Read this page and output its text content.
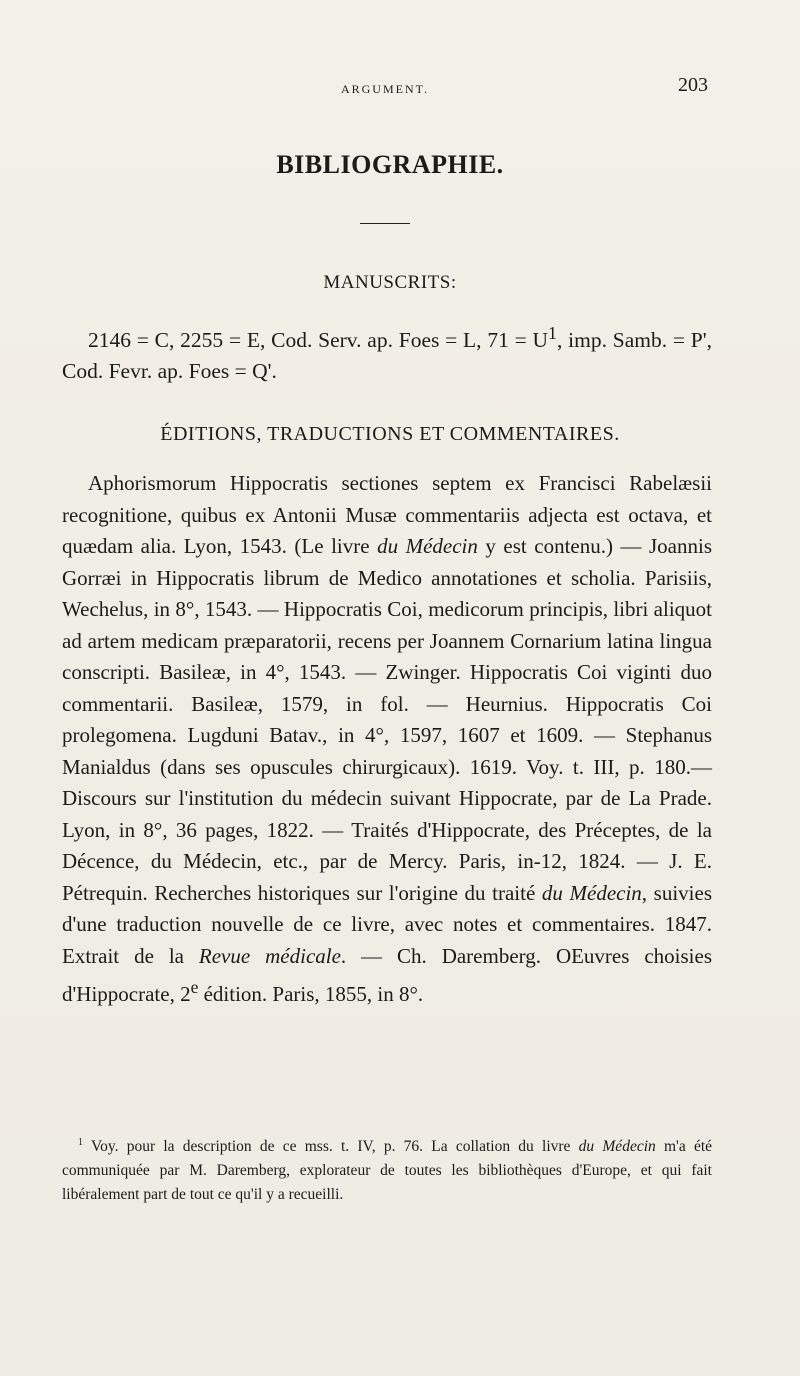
ARGUMENT.	203
BIBLIOGRAPHIE.
MANUSCRITS:
2146 = C, 2255 = E, Cod. Serv. ap. Foes = L, $71 = U^1$, imp. Samb. = P', Cod. Fevr. ap. Foes = Q'.
ÉDITIONS, TRADUCTIONS ET COMMENTAIRES.
Aphorismorum Hippocratis sectiones septem ex Francisci Rabelæsii recognitione, quibus ex Antonii Musæ commentariis adjecta est octava, et quædam alia. Lyon, 1543. (Le livre du Médecin y est contenu.) — Joannis Gorræi in Hippocratis librum de Medico annotationes et scholia. Parisiis, Wechelus, in 8°, 1543. — Hippocratis Coi, medicorum principis, libri aliquot ad artem medicam præparatorii, recens per Joannem Cornarium latina lingua conscripti. Basileæ, in 4°, 1543. — Zwinger. Hippocratis Coi viginti duo commentarii. Basileæ, 1579, in fol. — Heurnius. Hippocratis Coi prolegomena. Lugduni Batav., in 4°, 1597, 1607 et 1609. — Stephanus Manialdus (dans ses opuscules chirurgicaux). 1619. Voy. t. III, p. 180.— Discours sur l'institution du médecin suivant Hippocrate, par de La Prade. Lyon, in 8°, 36 pages, 1822. — Traités d'Hippocrate, des Préceptes, de la Décence, du Médecin, etc., par de Mercy. Paris, in-12, 1824. — J. E. Pétrequin. Recherches historiques sur l'origine du traité du Médecin, suivies d'une traduction nouvelle de ce livre, avec notes et commentaires. 1847. Extrait de la Revue médicale. — Ch. Daremberg. OEuvres choisies d'Hippocrate, 2e édition. Paris, 1855, in 8°.
$^1$ Voy. pour la description de ce mss. t. IV, p. 76. La collation du livre du Médecin m'a été communiquée par M. Daremberg, explorateur de toutes les bibliothèques d'Europe, et qui fait libéralement part de tout ce qu'il y a recueilli.
